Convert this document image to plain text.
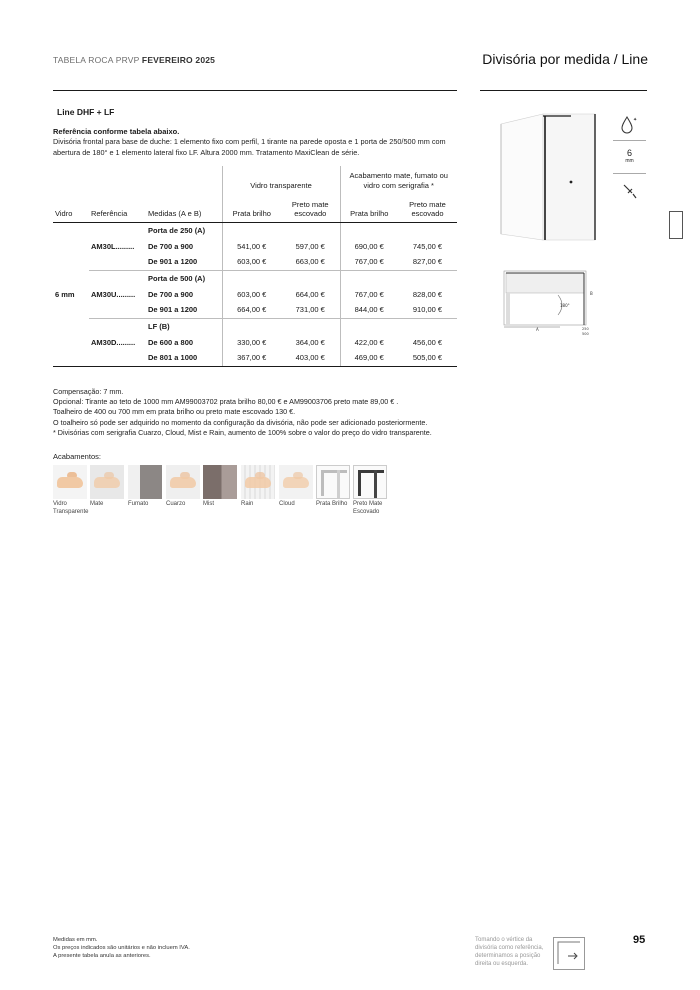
TABELA ROCA PRVP FEVEREIRO 2025	Divisória por medida / Line
Line DHF + LF
Referência conforme tabela abaixo.
Divisória frontal para base de duche: 1 elemento fixo com perfil, 1 tirante na parede oposta e 1 porta de 250/500 mm com abertura de 180° e 1 elemento lateral fixo LF. Altura 2000 mm. Tratamento MaxiClean de série.
			Vidro transparente		Acabamento mate, fumato ou vidro com serigrafia *	
Vidro	Referência	Medidas (A e B)	Prata brilho	Preto mate escovado	Prata brilho	Preto mate escovado
6 mm	AM30L.........	Porta de 250 (A)				
		De 700 a 900	541,00 €	597,00 €	690,00 €	745,00 €
		De 901 a 1200	603,00 €	663,00 €	767,00 €	827,00 €
	AM30U.........	Porta de 500 (A)				
		De 700 a 900	603,00 €	664,00 €	767,00 €	828,00 €
		De 901 a 1200	664,00 €	731,00 €	844,00 €	910,00 €
	AM30D.........	LF (B)				
		De 600 a 800	330,00 €	364,00 €	422,00 €	456,00 €
		De 801 a 1000	367,00 €	403,00 €	469,00 €	505,00 €
Compensação: 7 mm.
Opcional: Tirante ao teto de 1000 mm AM99003702 prata brilho 80,00 € e AM99003706 preto mate 89,00 € .
Toalheiro de 400 ou 700 mm em prata brilho ou preto mate escovado 130 €.
O toalheiro só pode ser adquirido no momento da configuração da divisória, não pode ser adicionado posteriormente.
* Divisórias com serigrafia Cuarzo, Cloud, Mist e Rain, aumento de 100% sobre o valor do preço do vidro transparente.
Acabamentos:
Vidro Transparente
Mate	Fumato	Cuarzo	Mist	Rain	Cloud	Prata Brilho Preto Mate Escovado
✦
6
mm
180°
A
B
250
500
Medidas em mm.
Os preços indicados são unitários e não incluem IVA.
A presente tabela anula as anteriores.
Tomando o vértice da divisória como referência, determinamos a posição direita ou esquerda.
95
